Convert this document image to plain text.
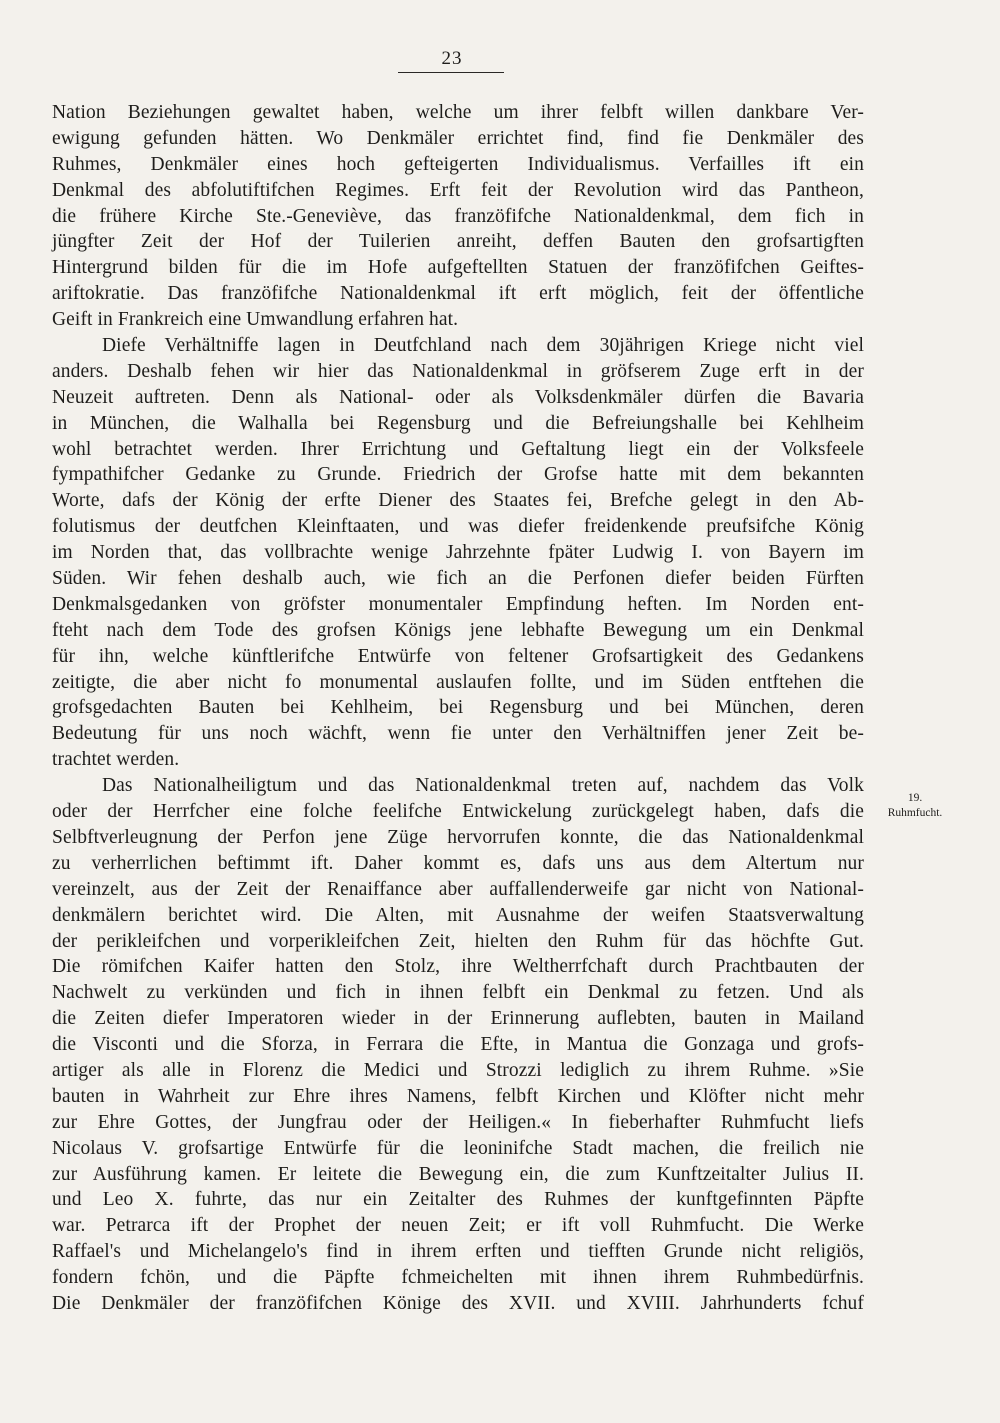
23
Nation Beziehungen gewaltet haben, welche um ihrer felbft willen dankbare Ver-
ewigung gefunden hätten. Wo Denkmäler errichtet find, find fie Denkmäler des
Ruhmes, Denkmäler eines hoch gefteigerten Individualismus. Verfailles ift ein
Denkmal des abfolutiftifchen Regimes. Erft feit der Revolution wird das Pantheon,
die frühere Kirche Ste.-Geneviève, das franzöfifche Nationaldenkmal, dem fich in
jüngfter Zeit der Hof der Tuilerien anreiht, deffen Bauten den grofsartigften
Hintergrund bilden für die im Hofe aufgeftellten Statuen der franzöfifchen Geiftes-
ariftokratie. Das franzöfifche Nationaldenkmal ift erft möglich, feit der öffentliche
Geift in Frankreich eine Umwandlung erfahren hat.
Diefe Verhältniffe lagen in Deutfchland nach dem 30jährigen Kriege nicht viel
anders. Deshalb fehen wir hier das Nationaldenkmal in gröfserem Zuge erft in der
Neuzeit auftreten. Denn als National- oder als Volksdenkmäler dürfen die Bavaria
in München, die Walhalla bei Regensburg und die Befreiungshalle bei Kehlheim
wohl betrachtet werden. Ihrer Errichtung und Geftaltung liegt ein der Volksfeele
fympathifcher Gedanke zu Grunde. Friedrich der Grofse hatte mit dem bekannten
Worte, dafs der König der erfte Diener des Staates fei, Brefche gelegt in den Ab-
folutismus der deutfchen Kleinftaaten, und was diefer freidenkende preufsifche König
im Norden that, das vollbrachte wenige Jahrzehnte fpäter Ludwig I. von Bayern im
Süden. Wir fehen deshalb auch, wie fich an die Perfonen diefer beiden Fürften
Denkmalsgedanken von gröfster monumentaler Empfindung heften. Im Norden ent-
fteht nach dem Tode des grofsen Königs jene lebhafte Bewegung um ein Denkmal
für ihn, welche künftlerifche Entwürfe von feltener Grofsartigkeit des Gedankens
zeitigte, die aber nicht fo monumental auslaufen follte, und im Süden entftehen die
grofsgedachten Bauten bei Kehlheim, bei Regensburg und bei München, deren
Bedeutung für uns noch wächft, wenn fie unter den Verhältniffen jener Zeit be-
trachtet werden.
Das Nationalheiligtum und das Nationaldenkmal treten auf, nachdem das Volk
oder der Herrfcher eine folche feelifche Entwickelung zurückgelegt haben, dafs die
Selbftverleugnung der Perfon jene Züge hervorrufen konnte, die das Nationaldenkmal
zu verherrlichen beftimmt ift. Daher kommt es, dafs uns aus dem Altertum nur
vereinzelt, aus der Zeit der Renaiffance aber auffallenderweife gar nicht von National-
denkmälern berichtet wird. Die Alten, mit Ausnahme der weifen Staatsverwaltung
der perikleifchen und vorperikleifchen Zeit, hielten den Ruhm für das höchfte Gut.
Die römifchen Kaifer hatten den Stolz, ihre Weltherrfchaft durch Prachtbauten der
Nachwelt zu verkünden und fich in ihnen felbft ein Denkmal zu fetzen. Und als
die Zeiten diefer Imperatoren wieder in der Erinnerung auflebten, bauten in Mailand
die Visconti und die Sforza, in Ferrara die Efte, in Mantua die Gonzaga und grofs-
artiger als alle in Florenz die Medici und Strozzi lediglich zu ihrem Ruhme. »Sie
bauten in Wahrheit zur Ehre ihres Namens, felbft Kirchen und Klöfter nicht mehr
zur Ehre Gottes, der Jungfrau oder der Heiligen.« In fieberhafter Ruhmfucht liefs
Nicolaus V. grofsartige Entwürfe für die leoninifche Stadt machen, die freilich nie
zur Ausführung kamen. Er leitete die Bewegung ein, die zum Kunftzeitalter Julius II.
und Leo X. fuhrte, das nur ein Zeitalter des Ruhmes der kunftgefinnten Päpfte
war. Petrarca ift der Prophet der neuen Zeit; er ift voll Ruhmfucht. Die Werke
Raffael's und Michelangelo's find in ihrem erften und tiefften Grunde nicht religiös,
fondern fchön, und die Päpfte fchmeichelten mit ihnen ihrem Ruhmbedürfnis.
Die Denkmäler der franzöfifchen Könige des XVII. und XVIII. Jahrhunderts fchuf
19.
Ruhmfucht.
